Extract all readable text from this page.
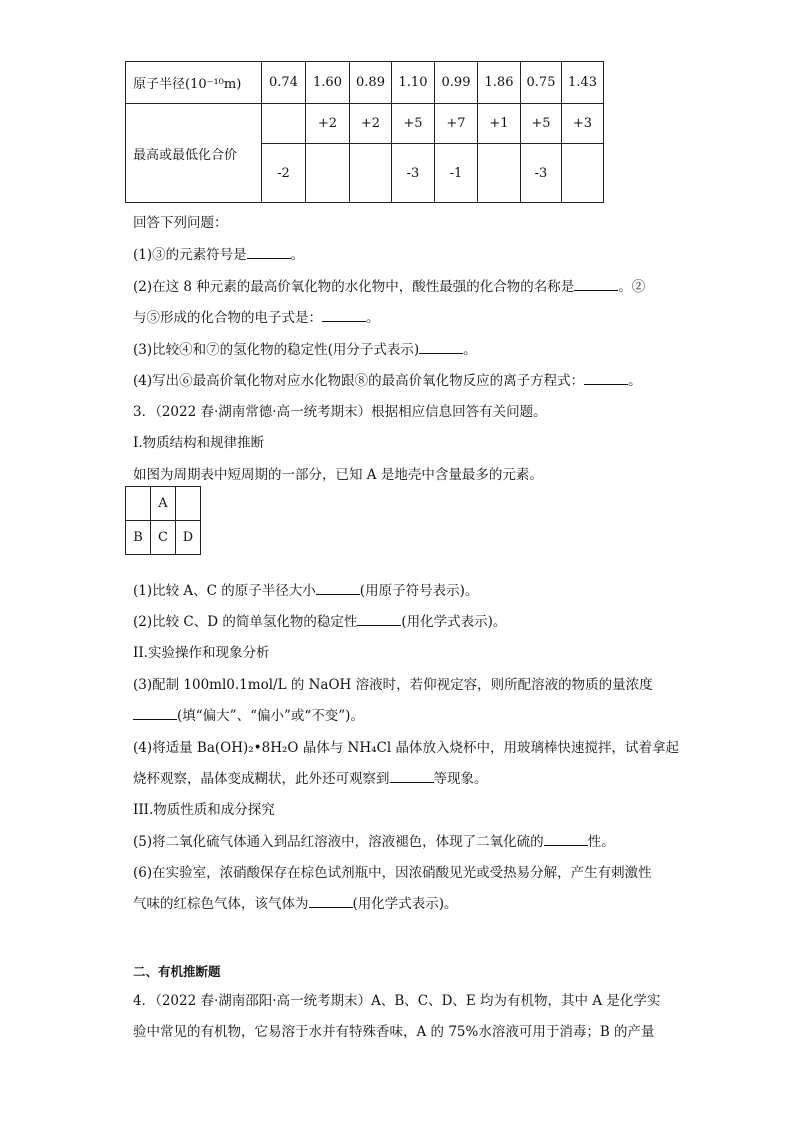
原子半径(10⁻¹⁰m)	0.74	1.60	0.89	1.10	0.99	1.86	0.75	1.43
最高或最低化合价		+2	+2	+5	+7	+1	+5	+3
	-2			-3	-1		-3	
回答下列问题：
(1)③的元素符号是	。
(2)在这 8 种元素的最高价氧化物的水化物中，酸性最强的化合物的名称是	。②
与⑤形成的化合物的电子式是：	。
(3)比较④和⑦的氢化物的稳定性(用分子式表示)	。
(4)写出⑥最高价氧化物对应水化物跟⑧的最高价氧化物反应的离子方程式：	。
3．（2022 春·湖南常德·高一统考期末）根据相应信息回答有关问题。
I.物质结构和规律推断
如图为周期表中短周期的一部分，已知 A 是地壳中含量最多的元素。
	A	
B	C	D
(1)比较 A、C 的原子半径大小	(用原子符号表示)。
(2)比较 C、D 的简单氢化物的稳定性	(用化学式表示)。
II.实验操作和现象分析
(3)配制 100ml0.1mol/L 的 NaOH 溶液时，若仰视定容，则所配溶液的物质的量浓度
(填“偏大”、“偏小”或“不变”)。
(4)将适量 Ba(OH)₂•8H₂O 晶体与 NH₄Cl 晶体放入烧杯中，用玻璃棒快速搅拌，试着拿起
烧杯观察，晶体变成糊状，此外还可观察到	等现象。
III.物质性质和成分探究
(5)将二氧化硫气体通入到品红溶液中，溶液褪色，体现了二氧化硫的	性。
(6)在实验室，浓硝酸保存在棕色试剂瓶中，因浓硝酸见光或受热易分解，产生有刺激性
气味的红棕色气体，该气体为	(用化学式表示)。
二、有机推断题
4．（2022 春·湖南邵阳·高一统考期末）A、B、C、D、E 均为有机物，其中 A 是化学实
验中常见的有机物，它易溶于水并有特殊香味，A 的 75%水溶液可用于消毒；B 的产量
